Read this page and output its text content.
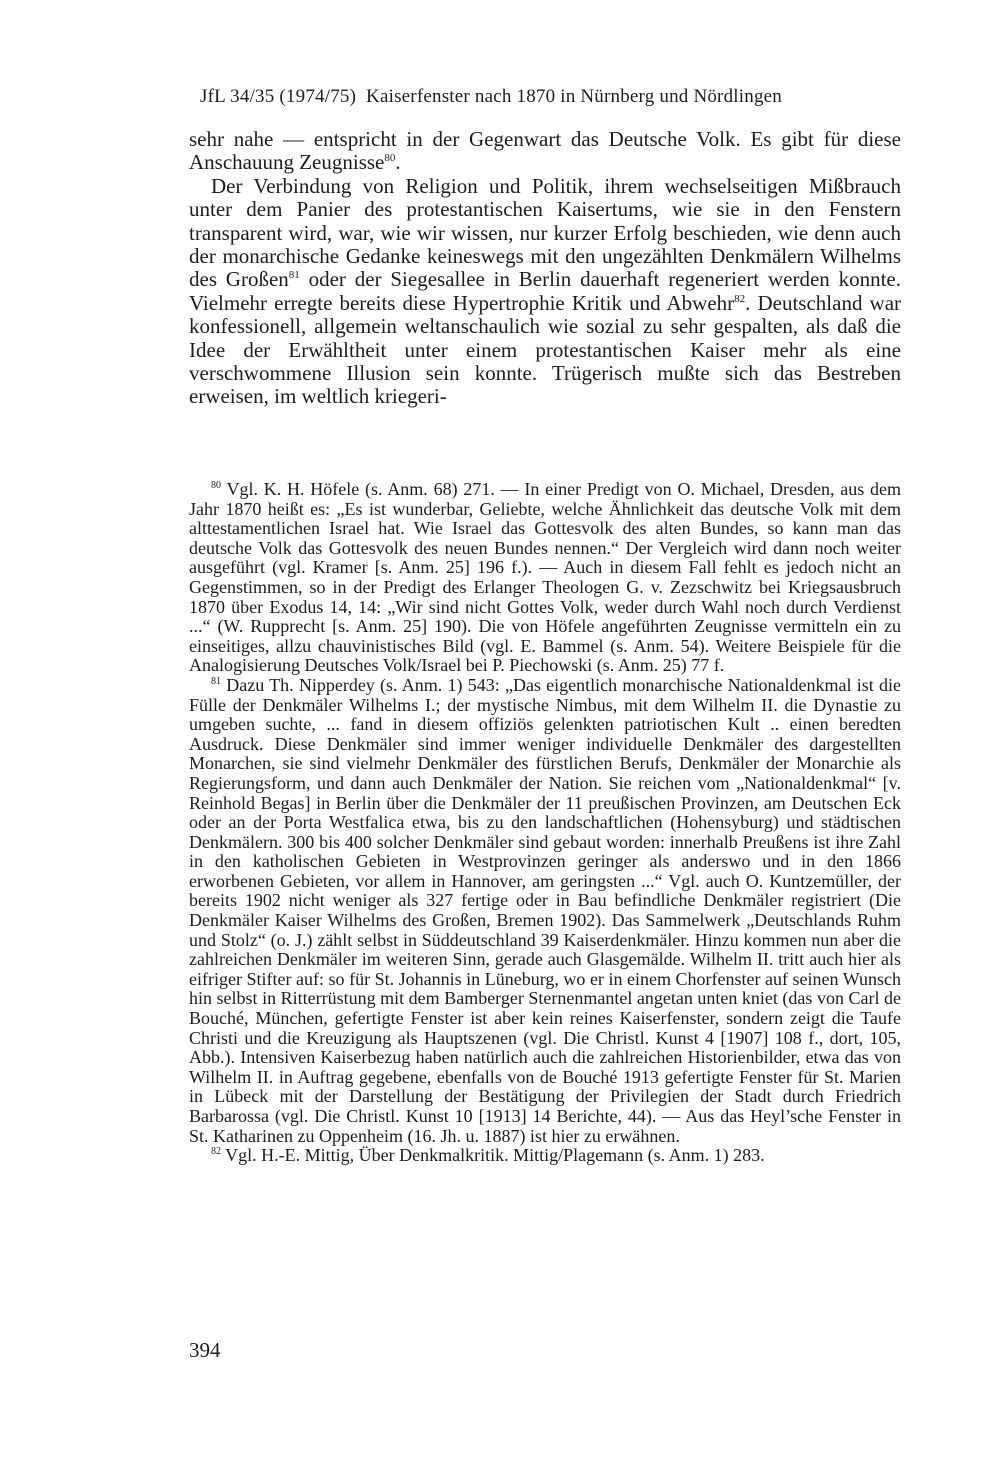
JfL 34/35 (1974/75) Kaiserfenster nach 1870 in Nürnberg und Nördlingen

sehr nahe — entspricht in der Gegenwart das Deutsche Volk. Es gibt für diese Anschauung Zeugnisse$^{80}$.

Der Verbindung von Religion und Politik, ihrem wechselseitigen Mißbrauch unter dem Panier des protestantischen Kaisertums, wie sie in den Fenstern transparent wird, war, wie wir wissen, nur kurzer Erfolg beschieden, wie denn auch der monarchische Gedanke keineswegs mit den ungezählten Denkmälern Wilhelms des Großen$^{81}$ oder der Siegesallee in Berlin dauerhaft regeneriert werden konnte. Vielmehr erregte bereits diese Hypertrophie Kritik und Abwehr$^{82}$. Deutschland war konfessionell, allgemein weltanschaulich wie sozial zu sehr gespalten, als daß die Idee der Erwähltheit unter einem protestantischen Kaiser mehr als eine verschwommene Illusion sein konnte. Trügerisch mußte sich das Bestreben erweisen, im weltlich kriegeri-

$^{80}$ Vgl. K. H. Höfele (s. Anm. 68) 271. — In einer Predigt von O. Michael, Dresden, aus dem Jahr 1870 heißt es: „Es ist wunderbar, Geliebte, welche Ähnlichkeit das deutsche Volk mit dem alttestamentlichen Israel hat. Wie Israel das Gottesvolk des alten Bundes, so kann man das deutsche Volk das Gottesvolk des neuen Bundes nennen.“ Der Vergleich wird dann noch weiter ausgeführt (vgl. Kramer [s. Anm. 25] 196 f.). — Auch in diesem Fall fehlt es jedoch nicht an Gegenstimmen, so in der Predigt des Erlanger Theologen G. v. Zezschwitz bei Kriegsausbruch 1870 über Exodus 14, 14: „Wir sind nicht Gottes Volk, weder durch Wahl noch durch Verdienst ...“ (W. Rupprecht [s. Anm. 25] 190). Die von Höfele angeführten Zeugnisse vermitteln ein zu einseitiges, allzu chauvinistisches Bild (vgl. E. Bammel (s. Anm. 54). Weitere Beispiele für die Analogisierung Deutsches Volk/Israel bei P. Piechowski (s. Anm. 25) 77 f.

$^{81}$ Dazu Th. Nipperdey (s. Anm. 1) 543: „Das eigentlich monarchische Nationaldenkmal ist die Fülle der Denkmäler Wilhelms I.; der mystische Nimbus, mit dem Wilhelm II. die Dynastie zu umgeben suchte, ... fand in diesem offiziös gelenkten patriotischen Kult .. einen beredten Ausdruck. Diese Denkmäler sind immer weniger individuelle Denkmäler des dargestellten Monarchen, sie sind vielmehr Denkmäler des fürstlichen Berufs, Denkmäler der Monarchie als Regierungsform, und dann auch Denkmäler der Nation. Sie reichen vom „Nationaldenkmal“ [v. Reinhold Begas] in Berlin über die Denkmäler der 11 preußischen Provinzen, am Deutschen Eck oder an der Porta Westfalica etwa, bis zu den landschaftlichen (Hohensyburg) und städtischen Denkmälern. 300 bis 400 solcher Denkmäler sind gebaut worden: innerhalb Preußens ist ihre Zahl in den katholischen Gebieten in Westprovinzen geringer als anderswo und in den 1866 erworbenen Gebieten, vor allem in Hannover, am geringsten ...“ Vgl. auch O. Kuntzemüller, der bereits 1902 nicht weniger als 327 fertige oder in Bau befindliche Denkmäler registriert (Die Denkmäler Kaiser Wilhelms des Großen, Bremen 1902). Das Sammelwerk „Deutschlands Ruhm und Stolz“ (o. J.) zählt selbst in Süddeutschland 39 Kaiserdenkmäler. Hinzu kommen nun aber die zahlreichen Denkmäler im weiteren Sinn, gerade auch Glasgemälde. Wilhelm II. tritt auch hier als eifriger Stifter auf: so für St. Johannis in Lüneburg, wo er in einem Chorfenster auf seinen Wunsch hin selbst in Ritterrüstung mit dem Bamberger Sternenmantel angetan unten kniet (das von Carl de Bouché, München, gefertigte Fenster ist aber kein reines Kaiserfenster, sondern zeigt die Taufe Christi und die Kreuzigung als Hauptszenen (vgl. Die Christl. Kunst 4 [1907] 108 f., dort, 105, Abb.). Intensiven Kaiserbezug haben natürlich auch die zahlreichen Historienbilder, etwa das von Wilhelm II. in Auftrag gegebene, ebenfalls von de Bouché 1913 gefertigte Fenster für St. Marien in Lübeck mit der Darstellung der Bestätigung der Privilegien der Stadt durch Friedrich Barbarossa (vgl. Die Christl. Kunst 10 [1913] 14 Berichte, 44). — Aus das Heyl’sche Fenster in St. Katharinen zu Oppenheim (16. Jh. u. 1887) ist hier zu erwähnen.

$^{82}$ Vgl. H.-E. Mittig, Über Denkmalkritik. Mittig/Plagemann (s. Anm. 1) 283.

394
